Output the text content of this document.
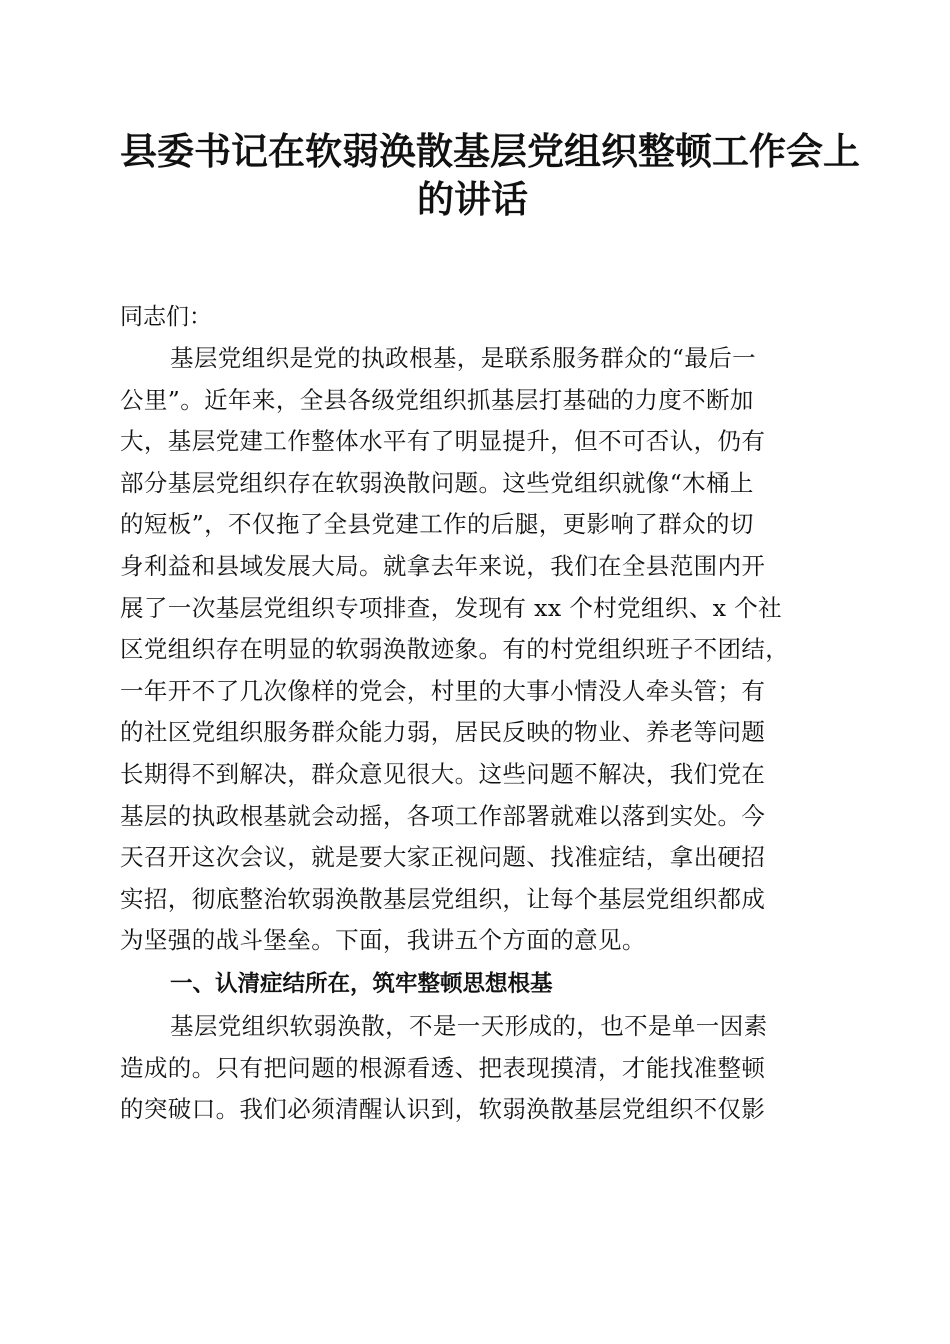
县委书记在软弱涣散基层党组织整顿工作会上
的讲话

同志们：

基层党组织是党的执政根基，是联系服务群众的“最后一
公里”。近年来，全县各级党组织抓基层打基础的力度不断加
大，基层党建工作整体水平有了明显提升，但不可否认，仍有
部分基层党组织存在软弱涣散问题。这些党组织就像“木桶上
的短板”，不仅拖了全县党建工作的后腿，更影响了群众的切
身利益和县域发展大局。就拿去年来说，我们在全县范围内开
展了一次基层党组织专项排查，发现有 xx 个村党组织、x 个社
区党组织存在明显的软弱涣散迹象。有的村党组织班子不团结，
一年开不了几次像样的党会，村里的大事小情没人牵头管；有
的社区党组织服务群众能力弱，居民反映的物业、养老等问题
长期得不到解决，群众意见很大。这些问题不解决，我们党在
基层的执政根基就会动摇，各项工作部署就难以落到实处。今
天召开这次会议，就是要大家正视问题、找准症结，拿出硬招
实招，彻底整治软弱涣散基层党组织，让每个基层党组织都成
为坚强的战斗堡垒。下面，我讲五个方面的意见。
一、认清症结所在，筑牢整顿思想根基
基层党组织软弱涣散，不是一天形成的，也不是单一因素
造成的。只有把问题的根源看透、把表现摸清，才能找准整顿
的突破口。我们必须清醒认识到，软弱涣散基层党组织不仅影
